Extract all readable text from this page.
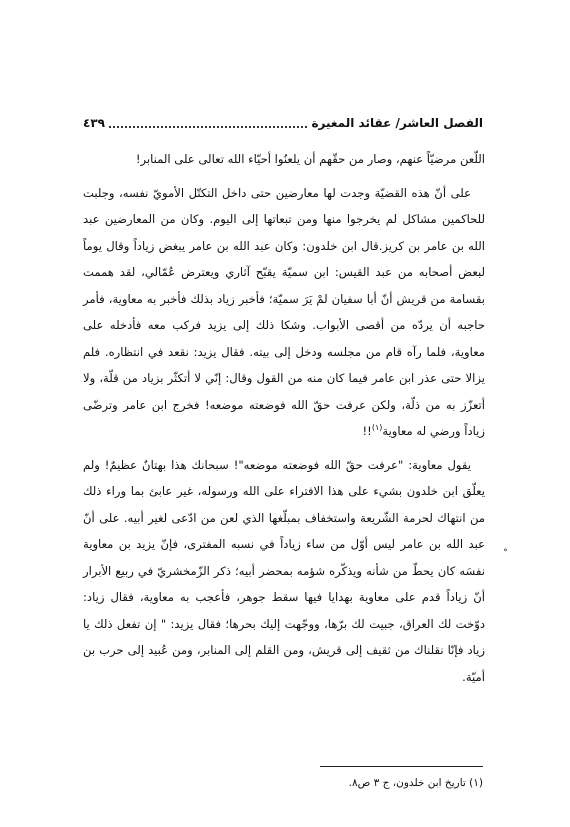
الفصل العاشر/ عقائد المغيرة
٤٣٩

اللّعن مرضيّاً عنهم، وصار من حقّهم أن يلعنُوا أحيّاء الله تعالى على المنابر!

على أنّ هذه القضيّة وجدت لها معارضين حتى داخل التكتّل الأمويّ نفسه، وجلبت للحاكمين مشاكل لم يخرجوا منها ومن تبعاتها إلى اليوم. وكان من المعارضين عبد الله بن عامر بن كريز.قال ابن خلدون: وكان عبد الله بن عامر يبغض زياداً وقال يوماً لبعض أصحابه من عبد القيس: ابن سميّة يقبّح آثاري ويعترض عُمّالي، لقد هممت بقسامة من قريش أنّ أبا سفيان لمْ يَرَ سميّة؛ فأخبر زياد بذلك فأخبر به معاوية، فأمر حاجبه أن يردّه من أقصى الأبواب. وشكا ذلك إلى يزيد فركب معه فأدخله على معاوية، فلما رآه قام من مجلسه ودخل إلى بيته. فقال يزيد: نقعد في انتظاره. فلم يزالا حتى عذر ابن عامر فيما كان منه من القول وقال: إنّي لا أتكثّر بزياد من قلّة، ولا أتعزّز به من ذلّة، ولكن عرفت حقّ الله فوضعته موضعه! فخرج ابن عامر وترضّى زياداً ورضي له معاوية$^{(١)}$!!

يقول معاوية: "عرفت حقّ الله فوضعته موضعه"! سبحانك هذا بهتانٌ عظيمٌ! ولم يعلّق ابن خلدون بشيء على هذا الافتراء على الله ورسوله، غير عابئ بما وراء ذلك من انتهاك لحرمة الشّريعة واستخفاف بمبلّغها الذي لعن من ادّعى لغير أبيه. على أنّ عبد الله بن عامر ليس أوّل من ساء زياداً في نسبه المفترى، فإنّ يزيد بن معاوية نفسَه كان يحطّ من شأنه ويذكّره شؤمه بمحضر أبيه؛ ذكر الزّمخشريّ في ربيع الأبرار أنّ زياداً قدم على معاوية بهدايا فيها سقط جوهر، فأعجب به معاوية، فقال زياد: دوّخت لك العراق، جبيت لك برّها، ووجّهت إليك بحرها؛ فقال يزيد: " إن تفعل ذلك يا زياد فإنّا نقلناك من ثقيف إلى قريش، ومن القلم إلى المنابر، ومن عُبيد إلى حرب بن أميّة.

(١) تاريخ ابن خلدون، ج ٣ ص٨.
